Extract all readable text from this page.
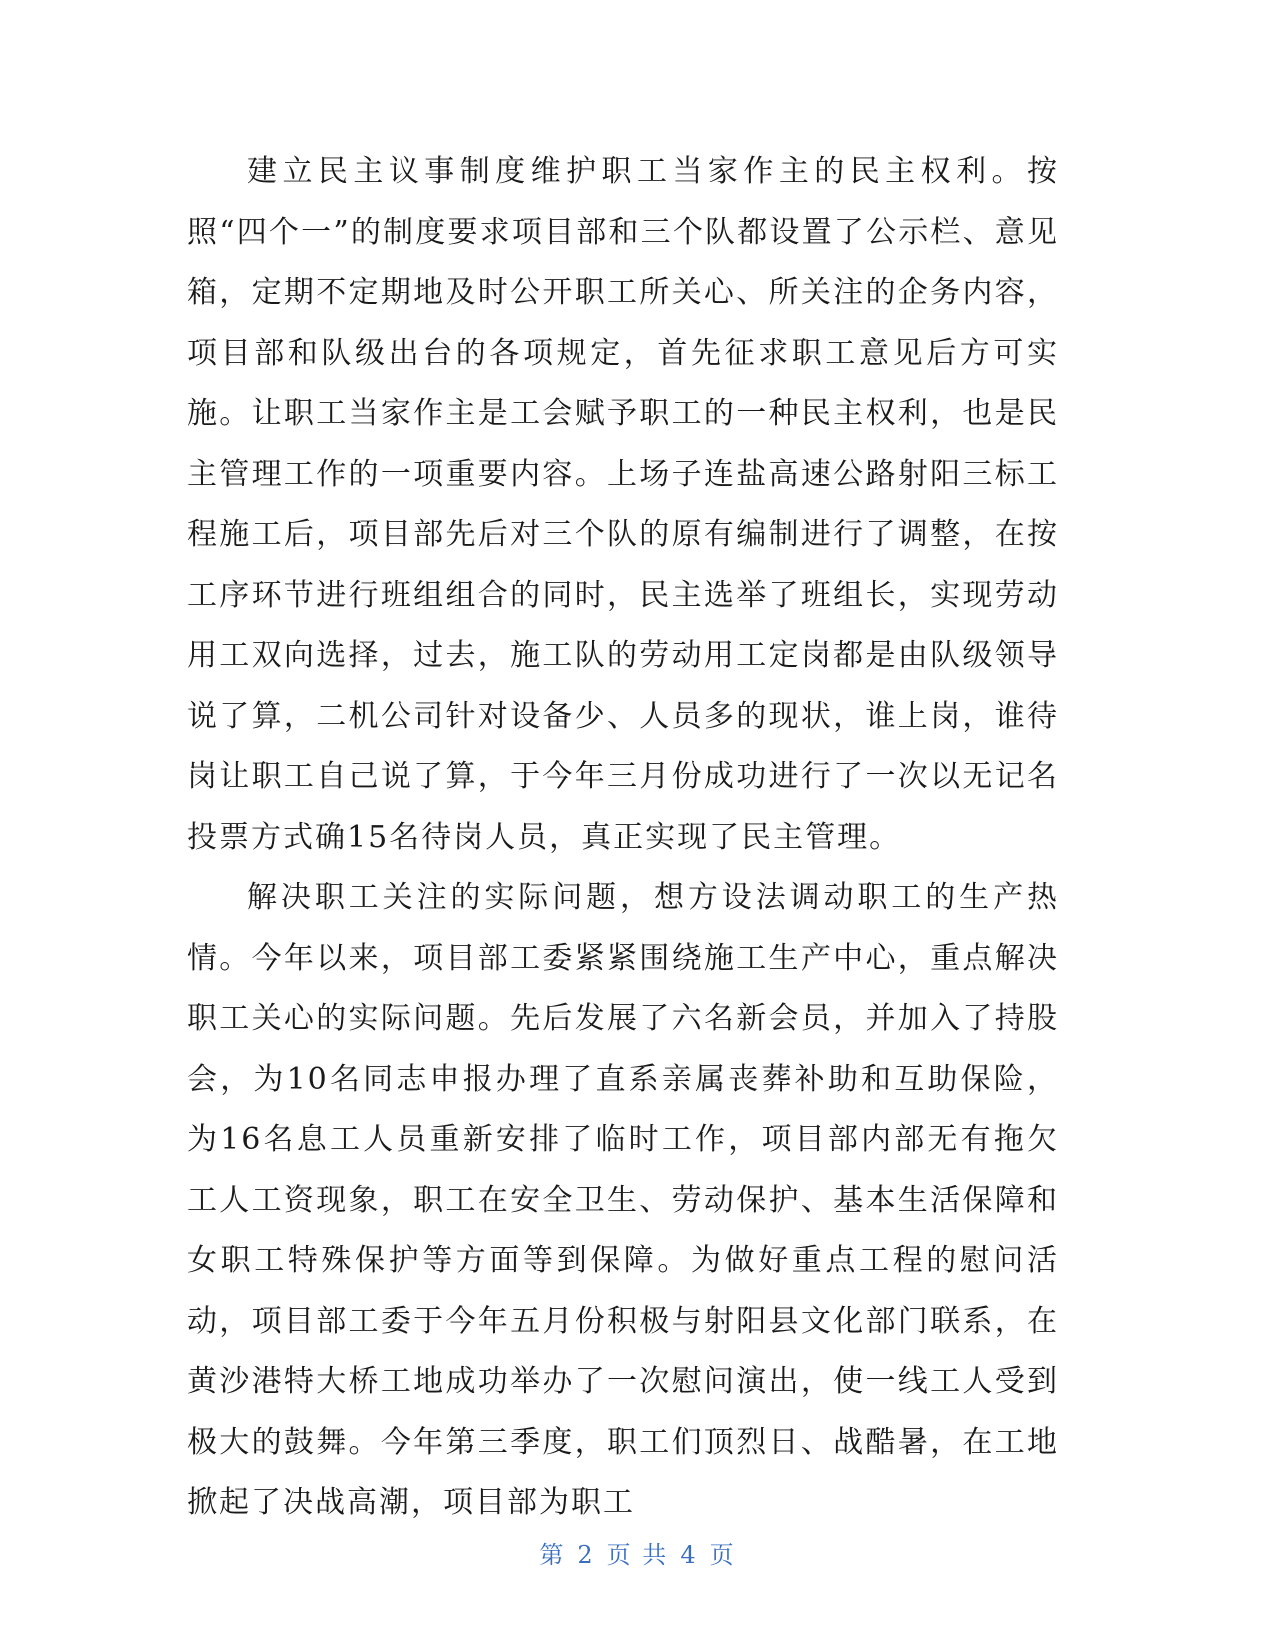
建立民主议事制度维护职工当家作主的民主权利。按照“四个一”的制度要求项目部和三个队都设置了公示栏、意见箱，定期不定期地及时公开职工所关心、所关注的企务内容，项目部和队级出台的各项规定，首先征求职工意见后方可实施。让职工当家作主是工会赋予职工的一种民主权利，也是民主管理工作的一项重要内容。上场子连盐高速公路射阳三标工程施工后，项目部先后对三个队的原有编制进行了调整，在按工序环节进行班组组合的同时，民主选举了班组长，实现劳动用工双向选择，过去，施工队的劳动用工定岗都是由队级领导说了算，二机公司针对设备少、人员多的现状，谁上岗，谁待岗让职工自己说了算，于今年三月份成功进行了一次以无记名投票方式确15名待岗人员，真正实现了民主管理。

解决职工关注的实际问题，想方设法调动职工的生产热情。今年以来，项目部工委紧紧围绕施工生产中心，重点解决职工关心的实际问题。先后发展了六名新会员，并加入了持股会，为10名同志申报办理了直系亲属丧葬补助和互助保险，为16名息工人员重新安排了临时工作，项目部内部无有拖欠工人工资现象，职工在安全卫生、劳动保护、基本生活保障和女职工特殊保护等方面等到保障。为做好重点工程的慰问活动，项目部工委于今年五月份积极与射阳县文化部门联系，在黄沙港特大桥工地成功举办了一次慰问演出，使一线工人受到极大的鼓舞。今年第三季度，职工们顶烈日、战酷暑，在工地掀起了决战高潮，项目部为职工

第 2 页 共 4 页
